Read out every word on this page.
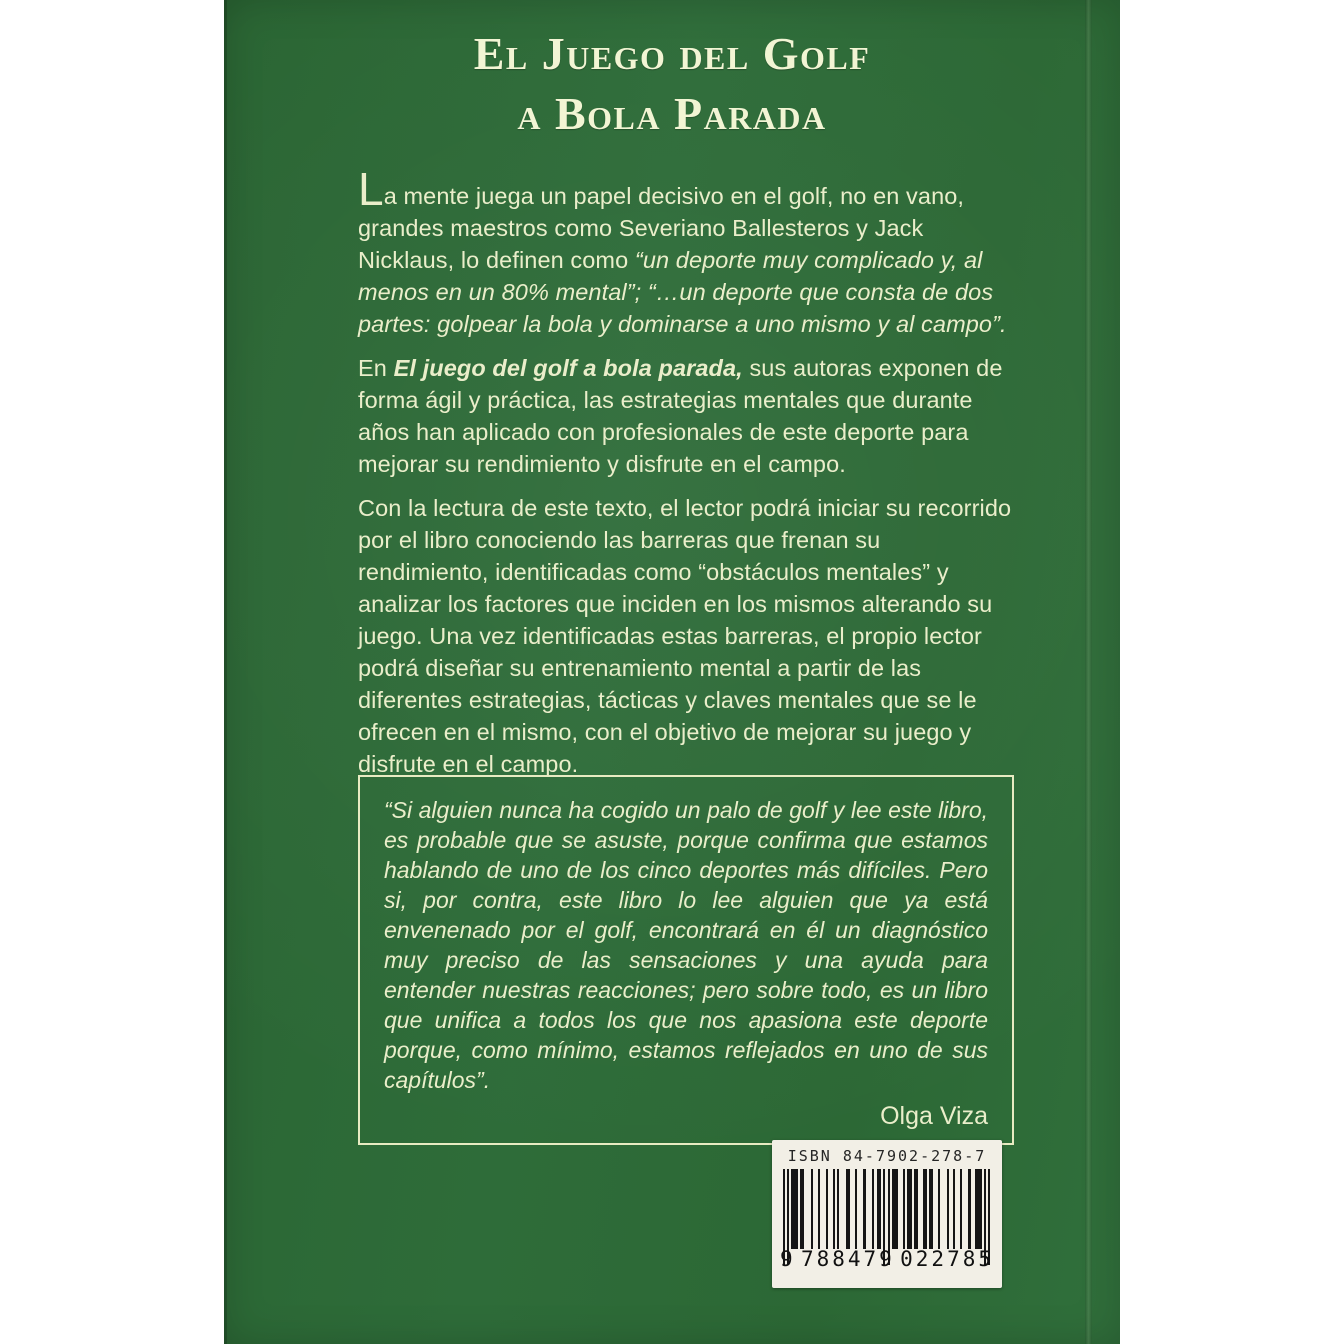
El Juego del Golf
a Bola Parada

La mente juega un papel decisivo en el golf, no en vano, grandes maestros como Severiano Ballesteros y Jack Nicklaus, lo definen como “un deporte muy complicado y, al menos en un 80% mental”; “…un deporte que consta de dos partes: golpear la bola y dominarse a uno mismo y al campo”.

En El juego del golf a bola parada, sus autoras exponen de forma ágil y práctica, las estrategias mentales que durante años han aplicado con profesionales de este deporte para mejorar su rendimiento y disfrute en el campo.

Con la lectura de este texto, el lector podrá iniciar su recorrido por el libro conociendo las barreras que frenan su rendimiento, identificadas como “obstáculos mentales” y analizar los factores que inciden en los mismos alterando su juego. Una vez identificadas estas barreras, el propio lector podrá diseñar su entrenamiento mental a partir de las diferentes estrategias, tácticas y claves mentales que se le ofrecen en el mismo, con el objetivo de mejorar su juego y disfrute en el campo.

“Si alguien nunca ha cogido un palo de golf y lee este libro, es probable que se asuste, porque confirma que estamos hablando de uno de los cinco deportes más difíciles. Pero si, por contra, este libro lo lee alguien que ya está envenenado por el golf, encontrará en él un diagnóstico muy preciso de las sensaciones y una ayuda para entender nuestras reacciones; pero sobre todo, es un libro que unifica a todos los que nos apasiona este deporte porque, como mínimo, estamos reflejados en uno de sus capítulos”.

Olga Viza
ISBN 84-7902-278-7
9 788479 022785
